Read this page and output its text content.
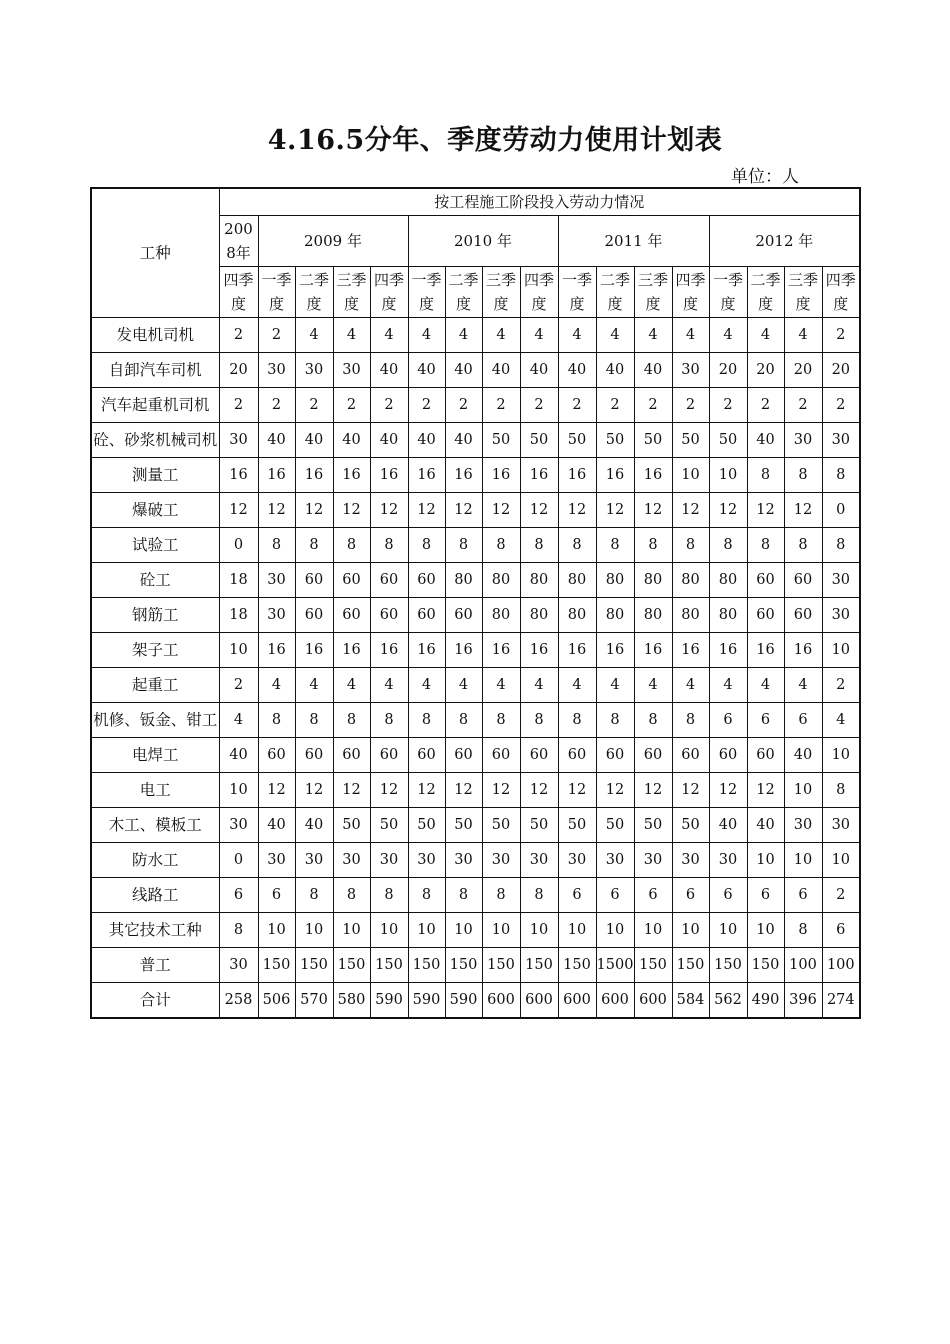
4.16.5分年、季度劳动力使用计划表
单位：人
工种	按工程施工阶段投入劳动力情况																
	2008年	2009 年				2010 年				2011 年				2012 年			
	四季度	一季度	二季度	三季度	四季度	一季度	二季度	三季度	四季度	一季度	二季度	三季度	四季度	一季度	二季度	三季度	四季度
发电机司机	2	2	4	4	4	4	4	4	4	4	4	4	4	4	4	4	2
自卸汽车司机	20	30	30	30	40	40	40	40	40	40	40	40	30	20	20	20	20
汽车起重机司机	2	2	2	2	2	2	2	2	2	2	2	2	2	2	2	2	2
砼、砂浆机械司机	30	40	40	40	40	40	40	50	50	50	50	50	50	50	40	30	30
测量工	16	16	16	16	16	16	16	16	16	16	16	16	10	10	8	8	8
爆破工	12	12	12	12	12	12	12	12	12	12	12	12	12	12	12	12	0
试验工	0	8	8	8	8	8	8	8	8	8	8	8	8	8	8	8	8
砼工	18	30	60	60	60	60	80	80	80	80	80	80	80	80	60	60	30
钢筋工	18	30	60	60	60	60	60	80	80	80	80	80	80	80	60	60	30
架子工	10	16	16	16	16	16	16	16	16	16	16	16	16	16	16	16	10
起重工	2	4	4	4	4	4	4	4	4	4	4	4	4	4	4	4	2
机修、钣金、钳工	4	8	8	8	8	8	8	8	8	8	8	8	8	6	6	6	4
电焊工	40	60	60	60	60	60	60	60	60	60	60	60	60	60	60	40	10
电工	10	12	12	12	12	12	12	12	12	12	12	12	12	12	12	10	8
木工、模板工	30	40	40	50	50	50	50	50	50	50	50	50	50	40	40	30	30
防水工	0	30	30	30	30	30	30	30	30	30	30	30	30	30	10	10	10
线路工	6	6	8	8	8	8	8	8	8	6	6	6	6	6	6	6	2
其它技术工种	8	10	10	10	10	10	10	10	10	10	10	10	10	10	10	8	6
普工	30	150	150	150	150	150	150	150	150	150	1500	150	150	150	150	100	100
合计	258	506	570	580	590	590	590	600	600	600	600	600	584	562	490	396	274
